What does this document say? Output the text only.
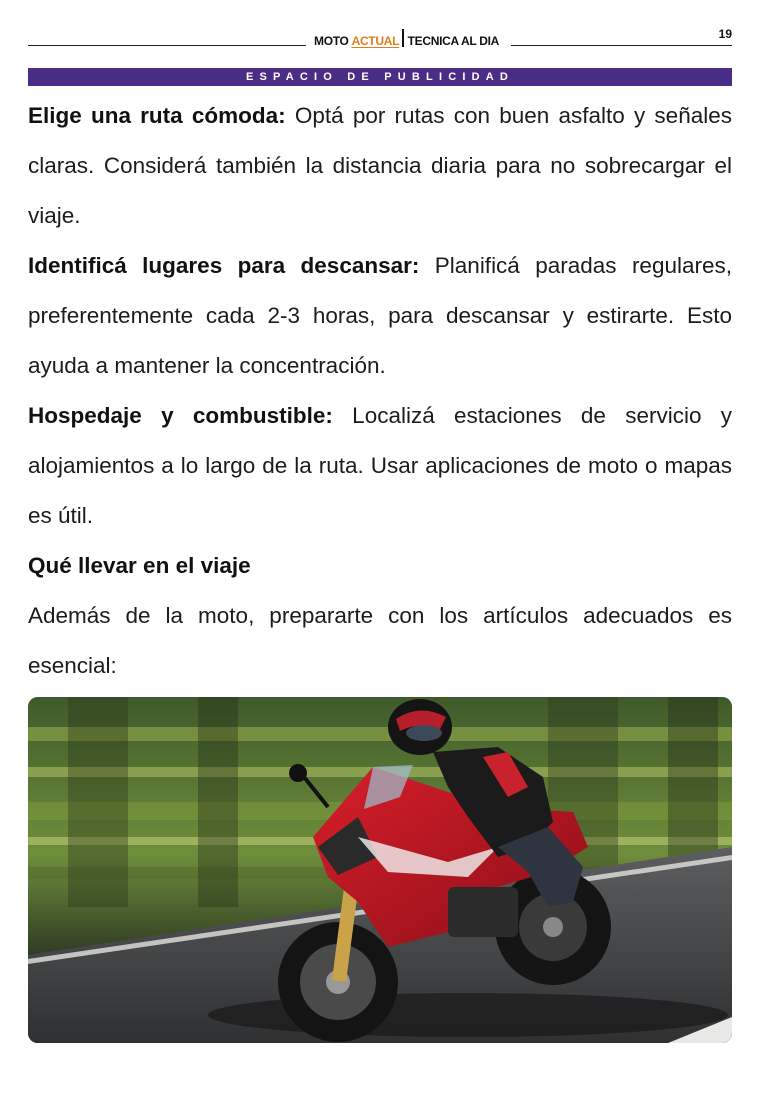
MOTO ACTUAL TECNICA AL DIA	19
ESPACIO DE PUBLICIDAD

Elige una ruta cómoda: Optá por rutas con buen asfalto y señales claras. Considerá también la distancia diaria para no sobrecargar el viaje.

Identificá lugares para descansar: Planificá paradas regulares, preferentemente cada 2-3 horas, para descansar y estirarte. Esto ayuda a mantener la concentración.

Hospedaje y combustible: Localizá estaciones de servicio y alojamientos a lo largo de la ruta. Usar aplicaciones de moto o mapas es útil.

Qué llevar en el viaje

Además de la moto, prepararte con los artículos adecuados es esencial:
